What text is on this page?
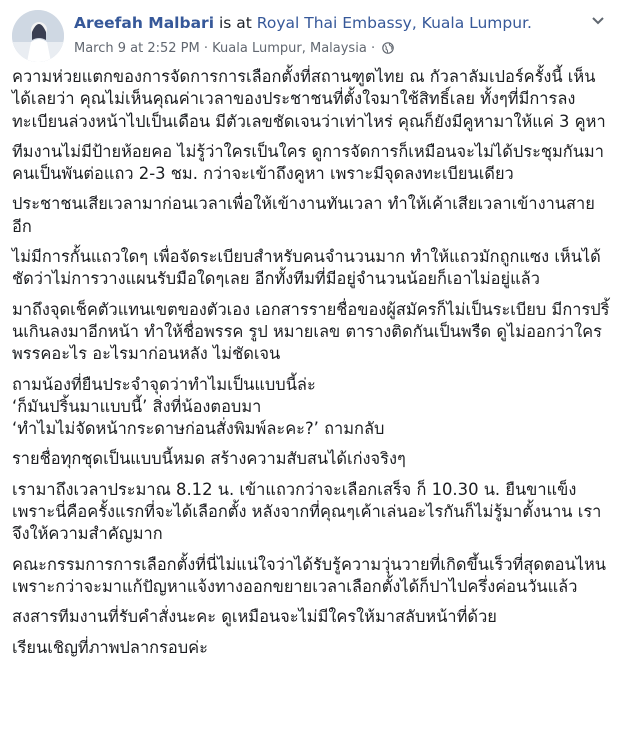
Areefah Malbari is at Royal Thai Embassy, Kuala Lumpur.
March 9 at 2:52 PM · Kuala Lumpur, Malaysia ·

ความห่วยแตกของการจัดการการเลือกตั้งที่สถานฑูตไทย ณ กัวลาลัมเปอร์ครั้งนี้ เห็นได้เลยว่า คุณไม่เห็นคุณค่าเวลาของประชาชนที่ตั้งใจมาใช้สิทธิ์เลย ทั้งๆที่มีการลงทะเบียนล่วงหน้าไปเป็นเดือน มีตัวเลขชัดเจนว่าเท่าไหร่ คุณก็ยังมีคูหามาให้แค่ 3 คูหา

ทีมงานไม่มีป้ายห้อยคอ ไม่รู้ว่าใครเป็นใคร ดูการจัดการก็เหมือนจะไม่ได้ประชุมกันมา คนเป็นพันต่อแถว 2-3 ชม. กว่าจะเข้าถึงคูหา เพราะมีจุดลงทะเบียนเดียว

ประชาชนเสียเวลามาก่อนเวลาเพื่อให้เข้างานทันเวลา ทำให้เค้าเสียเวลาเข้างานสายอีก

ไม่มีการกั้นแถวใดๆ เพื่อจัดระเบียบสำหรับคนจำนวนมาก ทำให้แถวมักถูกแซง เห็นได้ชัดว่าไม่การวางแผนรับมือใดๆเลย อีกทั้งทีมที่มีอยู่จำนวนน้อยก็เอาไม่อยู่แล้ว

มาถึงจุดเช็คตัวแทนเขตของตัวเอง เอกสารรายชื่อของผู้สมัครก็ไม่เป็นระเบียบ มีการปริ้นเกินลงมาอีกหน้า ทำให้ชื่อพรรค รูป หมายเลข ตารางติดกันเป็นพรืด ดูไม่ออกว่าใครพรรคอะไร อะไรมาก่อนหลัง ไม่ชัดเจน

ถามน้องที่ยืนประจำจุดว่าทำไมเป็นแบบนี้ล่ะ
‘ก็มันปริ้นมาแบบนี้’ สิ่งที่น้องตอบมา
‘ทำไมไม่จัดหน้ากระดาษก่อนสั่งพิมพ์ละคะ?’ ถามกลับ

รายชื่อทุกชุดเป็นแบบนี้หมด สร้างความสับสนได้เก่งจริงๆ

เรามาถึงเวลาประมาณ 8.12 น. เข้าแถวกว่าจะเลือกเสร็จ ก็ 10.30 น. ยืนขาแข็ง เพราะนี่คือครั้งแรกที่จะได้เลือกตั้ง หลังจากที่คุณๆเค้าเล่นอะไรกันก็ไม่รู้มาตั้งนาน เราจึงให้ความสำคัญมาก

คณะกรรมการการเลือกตั้งที่นี่ไม่แน่ใจว่าได้รับรู้ความวุ่นวายที่เกิดขึ้นเร็วที่สุดตอนไหน เพราะกว่าจะมาแก้ปัญหาแจ้งทางออกขยายเวลาเลือกตั้งได้ก็ปาไปครึ่งค่อนวันแล้ว

สงสารทีมงานที่รับคำสั่งนะคะ ดูเหมือนจะไม่มีใครให้มาสลับหน้าที่ด้วย

เรียนเชิญที่ภาพปลากรอบค่ะ
